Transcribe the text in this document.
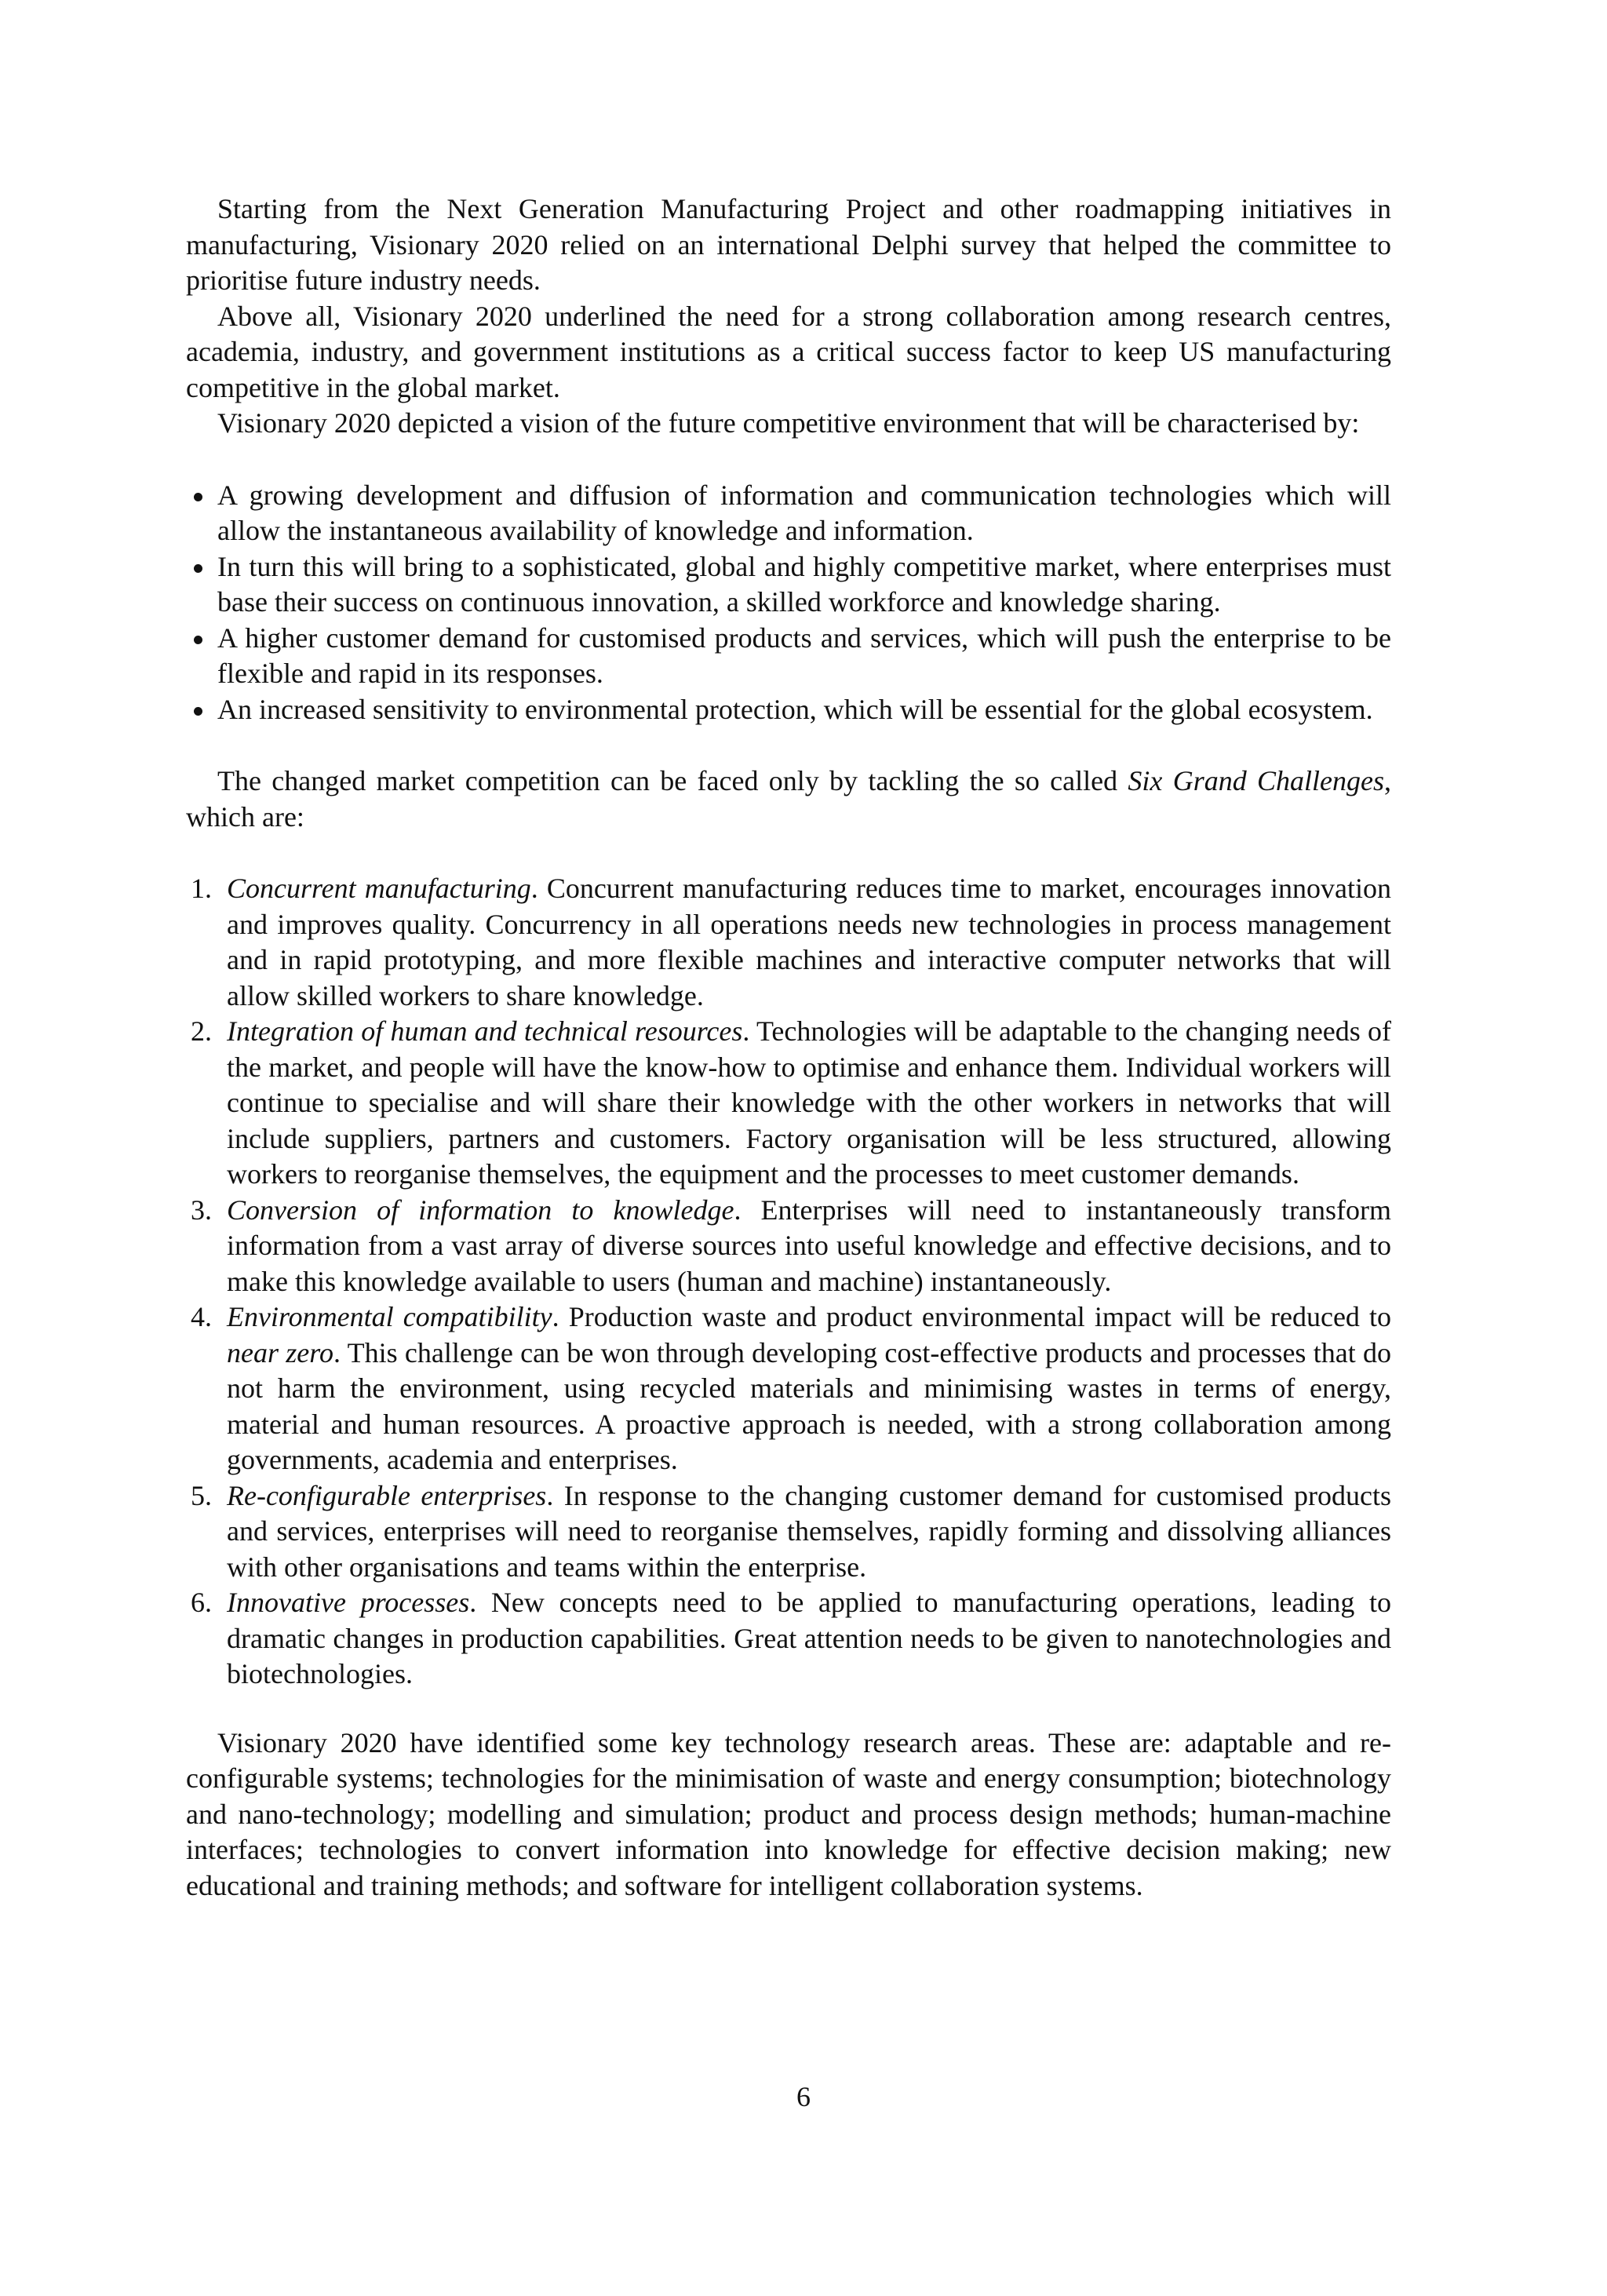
Starting from the Next Generation Manufacturing Project and other roadmapping initiatives in manufacturing, Visionary 2020 relied on an international Delphi survey that helped the committee to prioritise future industry needs.

Above all, Visionary 2020 underlined the need for a strong collaboration among research centres, academia, industry, and government institutions as a critical success factor to keep US manufacturing competitive in the global market.

Visionary 2020 depicted a vision of the future competitive environment that will be characterised by:

A growing development and diffusion of information and communication technologies which will allow the instantaneous availability of knowledge and information.
In turn this will bring to a sophisticated, global and highly competitive market, where enterprises must base their success on continuous innovation, a skilled workforce and knowledge sharing.
A higher customer demand for customised products and services, which will push the enterprise to be flexible and rapid in its responses.
An increased sensitivity to environmental protection, which will be essential for the global ecosystem.

The changed market competition can be faced only by tackling the so called Six Grand Challenges, which are:

1. Concurrent manufacturing. Concurrent manufacturing reduces time to market, encourages innovation and improves quality. Concurrency in all operations needs new technologies in process management and in rapid prototyping, and more flexible machines and interactive computer networks that will allow skilled workers to share knowledge.
2. Integration of human and technical resources. Technologies will be adaptable to the changing needs of the market, and people will have the know-how to optimise and enhance them. Individual workers will continue to specialise and will share their knowledge with the other workers in networks that will include suppliers, partners and customers. Factory organisation will be less structured, allowing workers to reorganise themselves, the equipment and the processes to meet customer demands.
3. Conversion of information to knowledge. Enterprises will need to instantaneously transform information from a vast array of diverse sources into useful knowledge and effective decisions, and to make this knowledge available to users (human and machine) instantaneously.
4. Environmental compatibility. Production waste and product environmental impact will be reduced to near zero. This challenge can be won through developing cost-effective products and processes that do not harm the environment, using recycled materials and minimising wastes in terms of energy, material and human resources. A proactive approach is needed, with a strong collaboration among governments, academia and enterprises.
5. Re-configurable enterprises. In response to the changing customer demand for customised products and services, enterprises will need to reorganise themselves, rapidly forming and dissolving alliances with other organisations and teams within the enterprise.
6. Innovative processes. New concepts need to be applied to manufacturing operations, leading to dramatic changes in production capabilities. Great attention needs to be given to nanotechnologies and biotechnologies.

Visionary 2020 have identified some key technology research areas. These are: adaptable and re-configurable systems; technologies for the minimisation of waste and energy consumption; biotechnology and nano-technology; modelling and simulation; product and process design methods; human-machine interfaces; technologies to convert information into knowledge for effective decision making; new educational and training methods; and software for intelligent collaboration systems.

6
